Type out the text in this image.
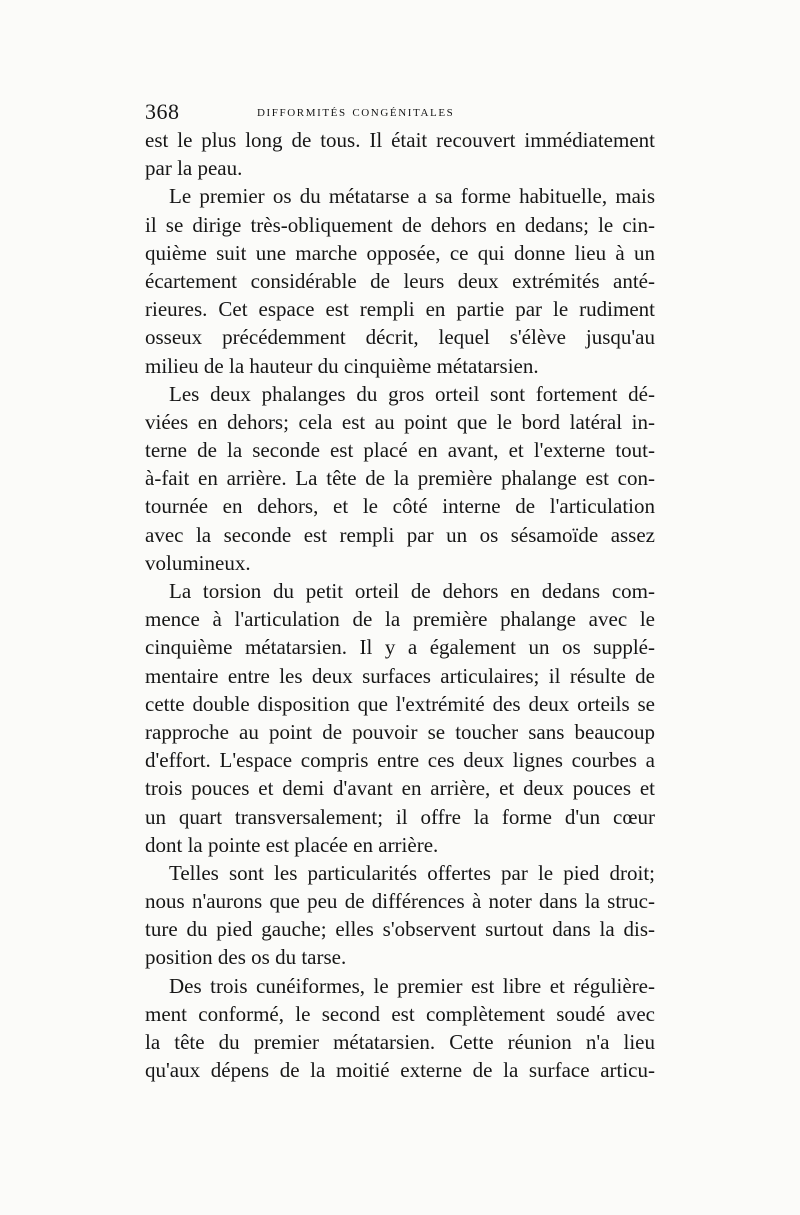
368	difformités congénitales
est le plus long de tous. Il était recouvert immédiatement
par la peau.
Le premier os du métatarse a sa forme habituelle, mais
il se dirige très-obliquement de dehors en dedans; le cin-
quième suit une marche opposée, ce qui donne lieu à un
écartement considérable de leurs deux extrémités anté-
rieures. Cet espace est rempli en partie par le rudiment
osseux précédemment décrit, lequel s'élève jusqu'au
milieu de la hauteur du cinquième métatarsien.
Les deux phalanges du gros orteil sont fortement dé-
viées en dehors; cela est au point que le bord latéral in-
terne de la seconde est placé en avant, et l'externe tout-
à-fait en arrière. La tête de la première phalange est con-
tournée en dehors, et le côté interne de l'articulation
avec la seconde est rempli par un os sésamoïde assez
volumineux.
La torsion du petit orteil de dehors en dedans com-
mence à l'articulation de la première phalange avec le
cinquième métatarsien. Il y a également un os supplé-
mentaire entre les deux surfaces articulaires; il résulte de
cette double disposition que l'extrémité des deux orteils se
rapproche au point de pouvoir se toucher sans beaucoup
d'effort. L'espace compris entre ces deux lignes courbes a
trois pouces et demi d'avant en arrière, et deux pouces et
un quart transversalement; il offre la forme d'un cœur
dont la pointe est placée en arrière.
Telles sont les particularités offertes par le pied droit;
nous n'aurons que peu de différences à noter dans la struc-
ture du pied gauche; elles s'observent surtout dans la dis-
position des os du tarse.
Des trois cunéiformes, le premier est libre et régulière-
ment conformé, le second est complètement soudé avec
la tête du premier métatarsien. Cette réunion n'a lieu
qu'aux dépens de la moitié externe de la surface articu-
